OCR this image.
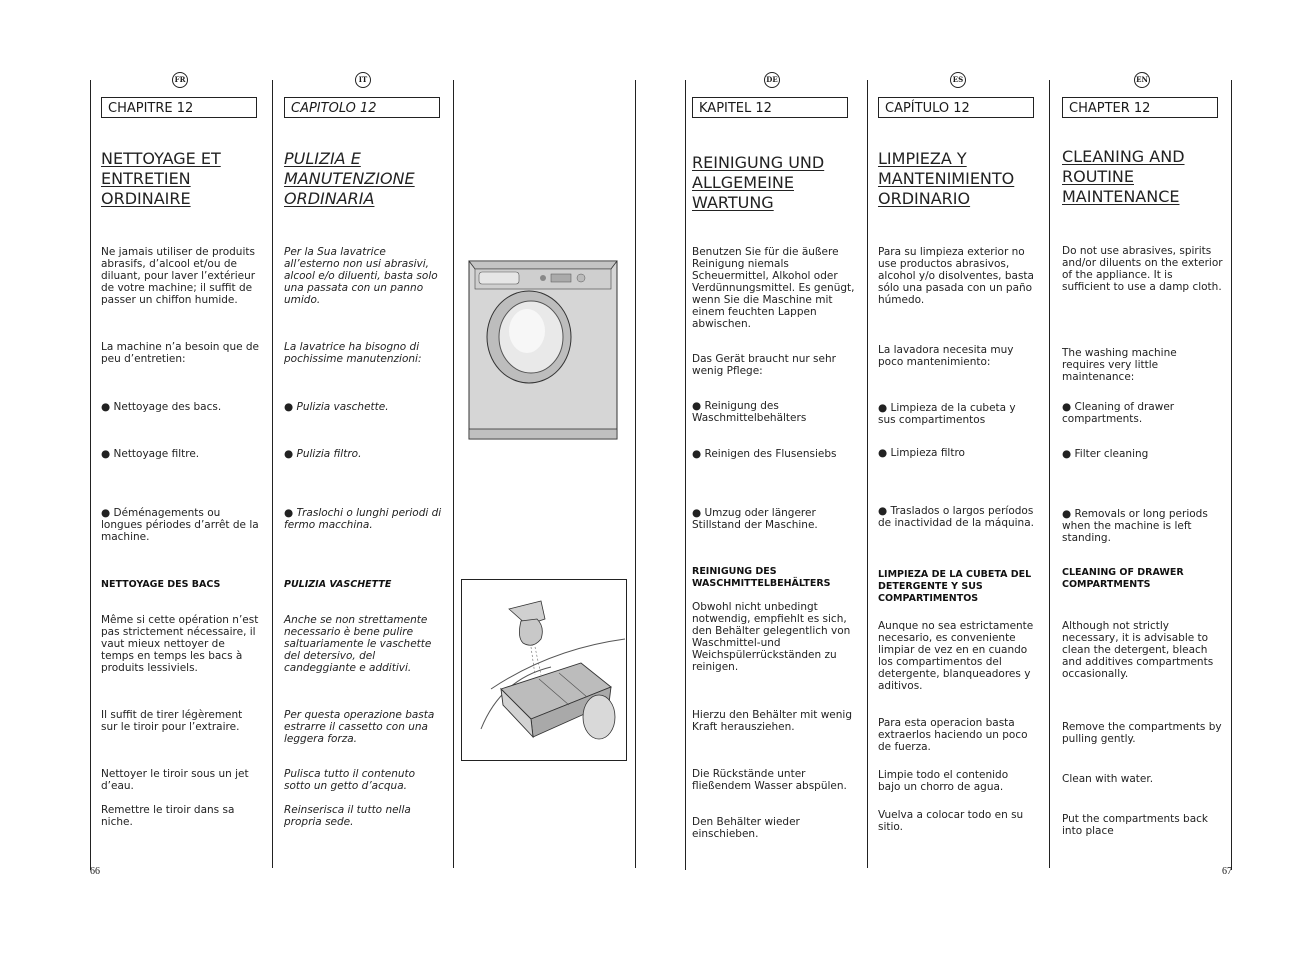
FR
CHAPITRE 12
NETTOYAGE ET ENTRETIEN ORDINAIRE
Ne jamais utiliser de produits abrasifs, d’alcool et/ou de diluant, pour laver l’extérieur de votre machine; il suffit de passer un chiffon humide.
La machine n’a besoin que de peu d’entretien:
● Nettoyage des bacs.
● Nettoyage filtre.
● Déménagements ou longues périodes d’arrêt de la machine.
NETTOYAGE DES BACS
Même si cette opération n’est pas strictement nécessaire, il vaut mieux nettoyer de temps en temps les bacs à produits lessiviels.
Il suffit de tirer légèrement sur le tiroir pour l’extraire.
Nettoyer le tiroir sous un jet d’eau.
Remettre le tiroir dans sa niche.
IT
CAPITOLO 12
PULIZIA E MANUTENZIONE ORDINARIA
Per la Sua lavatrice all’esterno non usi abrasivi, alcool e/o diluenti, basta solo una passata con un panno umido.
La lavatrice ha bisogno di pochissime manutenzioni:
● Pulizia vaschette.
● Pulizia filtro.
● Traslochi o lunghi periodi di fermo macchina.
PULIZIA VASCHETTE
Anche se non strettamente necessario è bene pulire saltuariamente le vaschette del detersivo, del candeggiante e additivi.
Per questa operazione basta estrarre il cassetto con una leggera forza.
Pulisca tutto il contenuto sotto un getto d’acqua.
Reinserisca il tutto nella propria sede.
DE
KAPITEL 12
REINIGUNG UND ALLGEMEINE WARTUNG
Benutzen Sie für die äußere Reinigung niemals Scheuermittel, Alkohol oder Verdünnungsmittel. Es genügt, wenn Sie die Maschine mit einem feuchten Lappen abwischen.
Das Gerät braucht nur sehr wenig Pflege:
● Reinigung des Waschmittelbehälters
● Reinigen des Flusensiebs
● Umzug oder längerer Stillstand der Maschine.
REINIGUNG DES WASCHMITTELBEHÄLTERS
Obwohl nicht unbedingt notwendig, empfiehlt es sich, den Behälter gelegentlich von Waschmittel-und Weichspülerrückständen zu reinigen.
Hierzu den Behälter mit wenig Kraft herausziehen.
Die Rückstände unter fließendem Wasser abspülen.
Den Behälter wieder einschieben.
ES
CAPÍTULO 12
LIMPIEZA Y MANTENIMIENTO ORDINARIO
Para su limpieza exterior no use productos abrasivos, alcohol y/o disolventes, basta sólo una pasada con un paño húmedo.
La lavadora necesita muy poco mantenimiento:
● Limpieza de la cubeta y sus compartimentos
● Limpieza filtro
● Traslados o largos períodos de inactividad de la máquina.
LIMPIEZA DE LA CUBETA DEL DETERGENTE Y SUS COMPARTIMENTOS
Aunque no sea estrictamente necesario, es conveniente limpiar de vez en en cuando los compartimentos del detergente, blanqueadores y aditivos.
Para esta operacion basta extraerlos haciendo un poco de fuerza.
Limpie todo el contenido bajo un chorro de agua.
Vuelva a colocar todo en su sitio.
EN
CHAPTER 12
CLEANING AND ROUTINE MAINTENANCE
Do not use abrasives, spirits and/or diluents on the exterior of the appliance. It is sufficient to use a damp cloth.
The washing machine requires very little maintenance:
● Cleaning of drawer compartments.
● Filter cleaning
● Removals or long periods when the machine is left standing.
CLEANING OF DRAWER COMPARTMENTS
Although not strictly necessary, it is advisable to clean the detergent, bleach and additives compartments occasionally.
Remove the compartments by pulling gently.
Clean with water.
Put the compartments back into place
66	67
